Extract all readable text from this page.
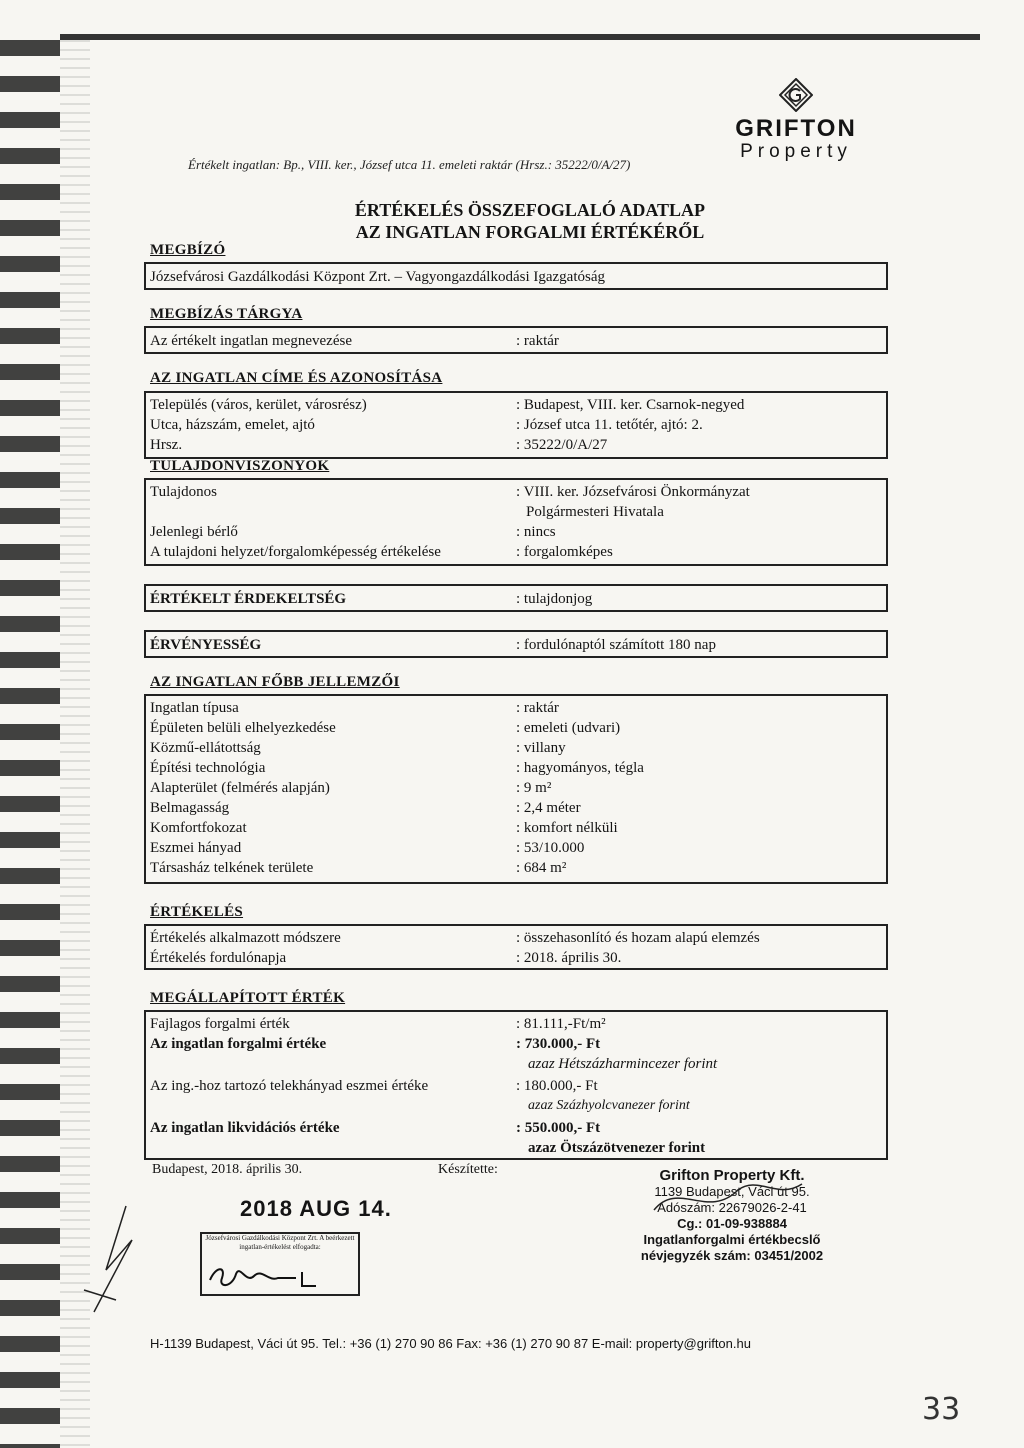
Értékelt ingatlan: Bp., VIII. ker., József utca 11. emeleti raktár (Hrsz.: 35222/0/A/27)
GRIFTON
Property
ÉRTÉKELÉS ÖSSZEFOGLALÓ ADATLAP
AZ INGATLAN FORGALMI ÉRTÉKÉRŐL
MEGBÍZÓ
Józsefvárosi Gazdálkodási Központ Zrt. – Vagyongazdálkodási Igazgatóság
MEGBÍZÁS TÁRGYA
Az értékelt ingatlan megnevezése	: raktár
AZ INGATLAN CÍME ÉS AZONOSÍTÁSA
Település (város, kerület, városrész)	: Budapest, VIII. ker. Csarnok-negyed
Utca, házszám, emelet, ajtó	: József utca 11. tetőtér, ajtó: 2.
Hrsz.	: 35222/0/A/27
TULAJDONVISZONYOK
Tulajdonos	: VIII. ker. Józsefvárosi Önkormányzat
Polgármesteri Hivatala
Jelenlegi bérlő	: nincs
A tulajdoni helyzet/forgalomképesség értékelése	: forgalomképes
ÉRTÉKELT ÉRDEKELTSÉG	: tulajdonjog
ÉRVÉNYESSÉG	: fordulónaptól számított 180 nap
AZ INGATLAN FŐBB JELLEMZŐI
Ingatlan típusa	: raktár
Épületen belüli elhelyezkedése	: emeleti (udvari)
Közmű-ellátottság	: villany
Építési technológia	: hagyományos, tégla
Alapterület (felmérés alapján)	: 9 m²
Belmagasság	: 2,4 méter
Komfortfokozat	: komfort nélküli
Eszmei hányad	: 53/10.000
Társasház telkének területe	: 684 m²
ÉRTÉKELÉS
Értékelés alkalmazott módszere	: összehasonlító és hozam alapú elemzés
Értékelés fordulónapja	: 2018. április 30.
MEGÁLLAPÍTOTT ÉRTÉK
Fajlagos forgalmi érték	: 81.111,-Ft/m²
Az ingatlan forgalmi értéke	: 730.000,- Ft
azaz Hétszázharmincezer forint
Az ing.-hoz tartozó telekhányad eszmei értéke	: 180.000,- Ft
azaz Százhyolcvanezer forint
Az ingatlan likvidációs értéke	: 550.000,- Ft
azaz Ötszázötvenezer forint
Budapest, 2018. április 30.	Készítette:
2018 AUG 14.
Józsefvárosi Gazdálkodási Központ Zrt. A beérkezett ingatlan-értékelést elfogadta:
Grifton Property Kft.
1139 Budapest, Váci út 95.
Adószám: 22679026-2-41
Cg.: 01-09-938884
Ingatlanforgalmi értékbecslő
névjegyzék szám: 03451/2002
H-1139 Budapest, Váci út 95. Tel.: +36 (1) 270 90 86 Fax: +36 (1) 270 90 87 E-mail: property@grifton.hu
33
